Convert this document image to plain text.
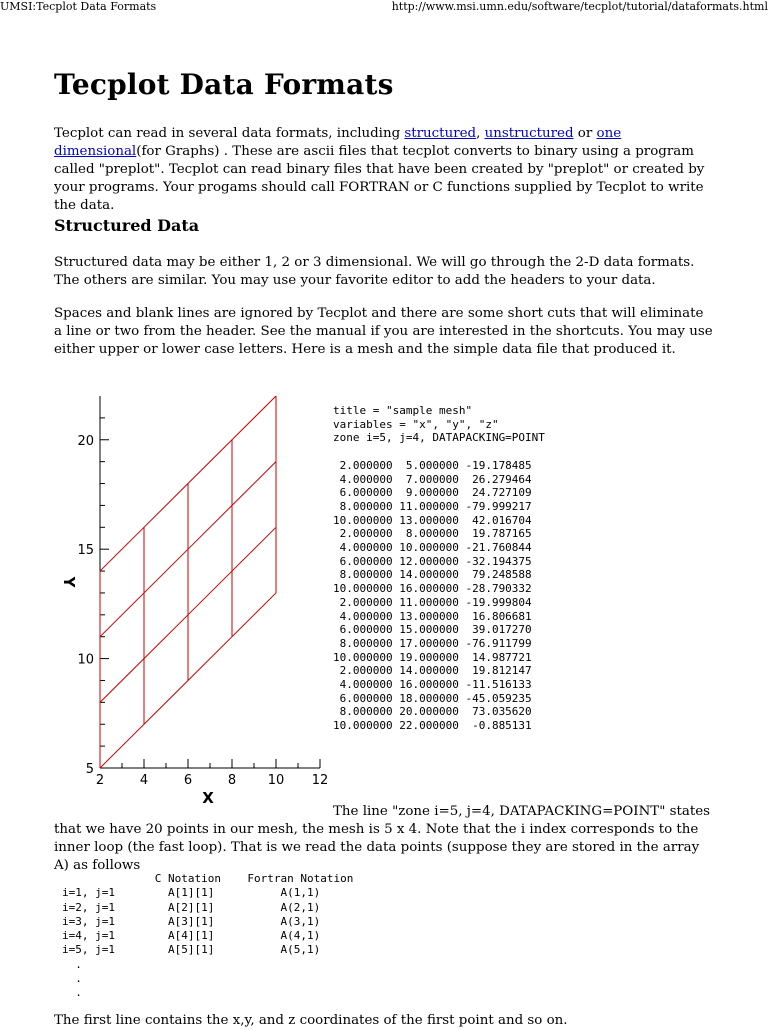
UMSI:Tecplot Data Formats	http://www.msi.umn.edu/software/tecplot/tutorial/dataformats.html
Tecplot Data Formats

Tecplot can read in several data formats, including structured, unstructured or one dimensional(for Graphs) . These are ascii files that tecplot converts to binary using a program called "preplot". Tecplot can read binary files that have been created by "preplot" or created by your programs. Your progams should call FORTRAN or C functions supplied by Tecplot to write the data.

Structured Data

Structured data may be either 1, 2 or 3 dimensional. We will go through the 2-D data formats. The others are similar. You may use your favorite editor to add the headers to your data.

Spaces and blank lines are ignored by Tecplot and there are some short cuts that will eliminate a line or two from the header. See the manual if you are interested in the shortcuts. You may use either upper or lower case letters. Here is a mesh and the simple data file that produced it.

2	4	6	8 10 12
5
10
15
20
X
Y
title = "sample mesh"
variables = "x", "y", "z"
zone i=5, j=4, DATAPACKING=POINT

2.000000  5.000000 -19.178485
4.000000  7.000000  26.279464
6.000000  9.000000  24.727109
8.000000 11.000000 -79.999217
10.000000 13.000000  42.016704
2.000000  8.000000  19.787165
4.000000 10.000000 -21.760844
6.000000 12.000000 -32.194375
8.000000 14.000000  79.248588
10.000000 16.000000 -28.790332
2.000000 11.000000 -19.999804
4.000000 13.000000  16.806681
6.000000 15.000000  39.017270
8.000000 17.000000 -76.911799
10.000000 19.000000  14.987721
2.000000 14.000000  19.812147
4.000000 16.000000 -11.516133
6.000000 18.000000 -45.059235
8.000000 20.000000  73.035620
10.000000 22.000000  -0.885131

The line "zone i=5, j=4, DATAPACKING=POINT" states that we have 20 points in our mesh, the mesh is 5 x 4. Note that the i index corresponds to the inner loop (the fast loop). That is we read the data points (suppose they are stored in the array A) as follows

C Notation    Fortran Notation
i=1, j=1        A[1][1]          A(1,1)
i=2, j=1        A[2][1]          A(2,1)
i=3, j=1        A[3][1]          A(3,1)
i=4, j=1        A[4][1]          A(4,1)
i=5, j=1        A[5][1]          A(5,1)
.
.
.

The first line contains the x,y, and z coordinates of the first point and so on.
